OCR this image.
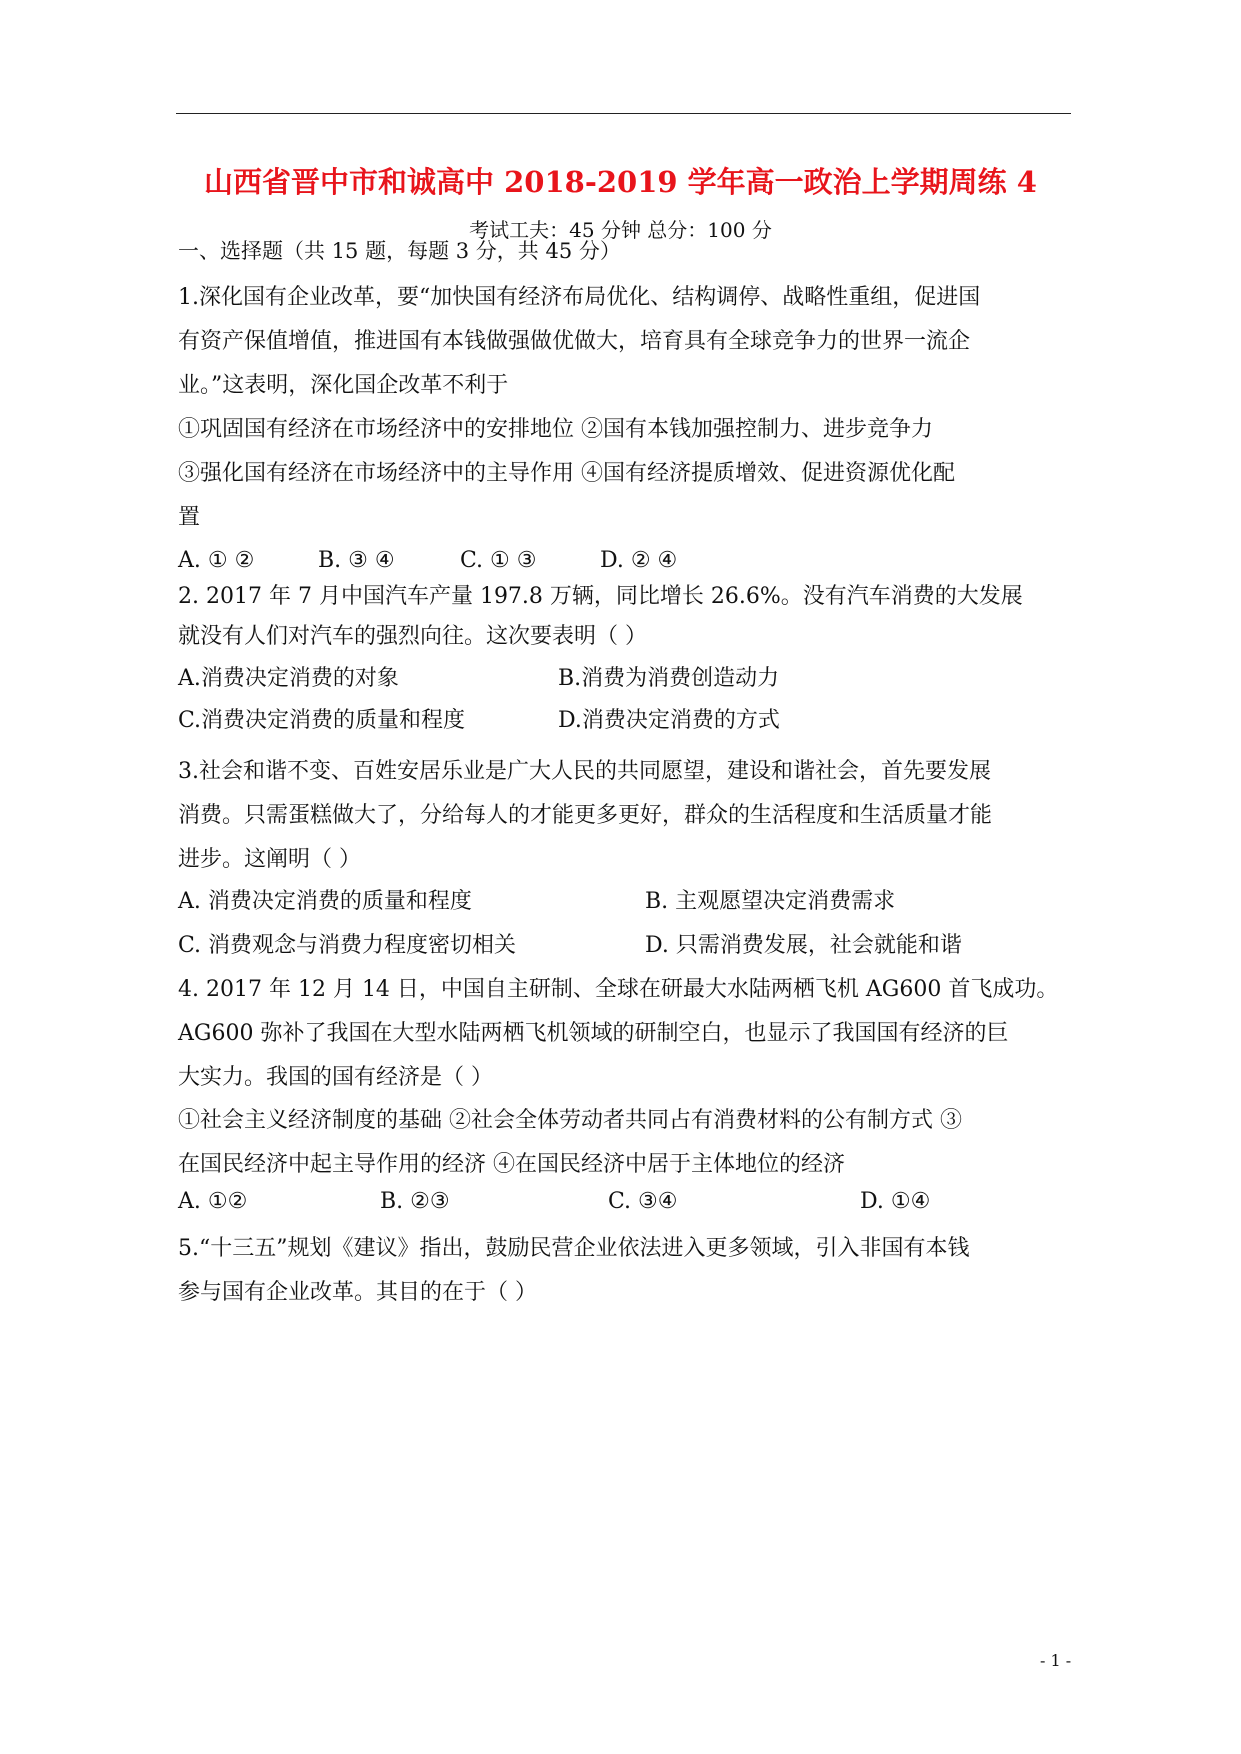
山西省晋中市和诚高中 2018-2019 学年高一政治上学期周练 4
考试工夫：45 分钟 总分：100 分
一、选择题（共 15 题，每题 3 分，共 45 分）
1.深化国有企业改革，要“加快国有经济布局优化、结构调停、战略性重组，促进国
有资产保值增值，推进国有本钱做强做优做大，培育具有全球竞争力的世界一流企
业。”这表明，深化国企改革不利于
①巩固国有经济在市场经济中的安排地位 ②国有本钱加强控制力、进步竞争力
③强化国有经济在市场经济中的主导作用 ④国有经济提质增效、促进资源优化配
置
A. ① ②	B. ③ ④	C. ① ③	D. ② ④
2. 2017 年 7 月中国汽车产量 197.8 万辆，同比增长 26.6%。没有汽车消费的大发展
就没有人们对汽车的强烈向往。这次要表明（ ）
A.消费决定消费的对象	B.消费为消费创造动力
C.消费决定消费的质量和程度	D.消费决定消费的方式
3.社会和谐不变、百姓安居乐业是广大人民的共同愿望，建设和谐社会，首先要发展
消费。只需蛋糕做大了，分给每人的才能更多更好，群众的生活程度和生活质量才能
进步。这阐明（ ）
A. 消费决定消费的质量和程度	B. 主观愿望决定消费需求
C. 消费观念与消费力程度密切相关	D. 只需消费发展，社会就能和谐
4. 2017 年 12 月 14 日，中国自主研制、全球在研最大水陆两栖飞机 AG600 首飞成功。
AG600 弥补了我国在大型水陆两栖飞机领域的研制空白，也显示了我国国有经济的巨
大实力。我国的国有经济是（ ）
①社会主义经济制度的基础 ②社会全体劳动者共同占有消费材料的公有制方式 ③
在国民经济中起主导作用的经济 ④在国民经济中居于主体地位的经济
A. ①②	B. ②③	C. ③④	D. ①④
5.“十三五”规划《建议》指出，鼓励民营企业依法进入更多领域，引入非国有本钱
参与国有企业改革。其目的在于（ ）
- 1 -
